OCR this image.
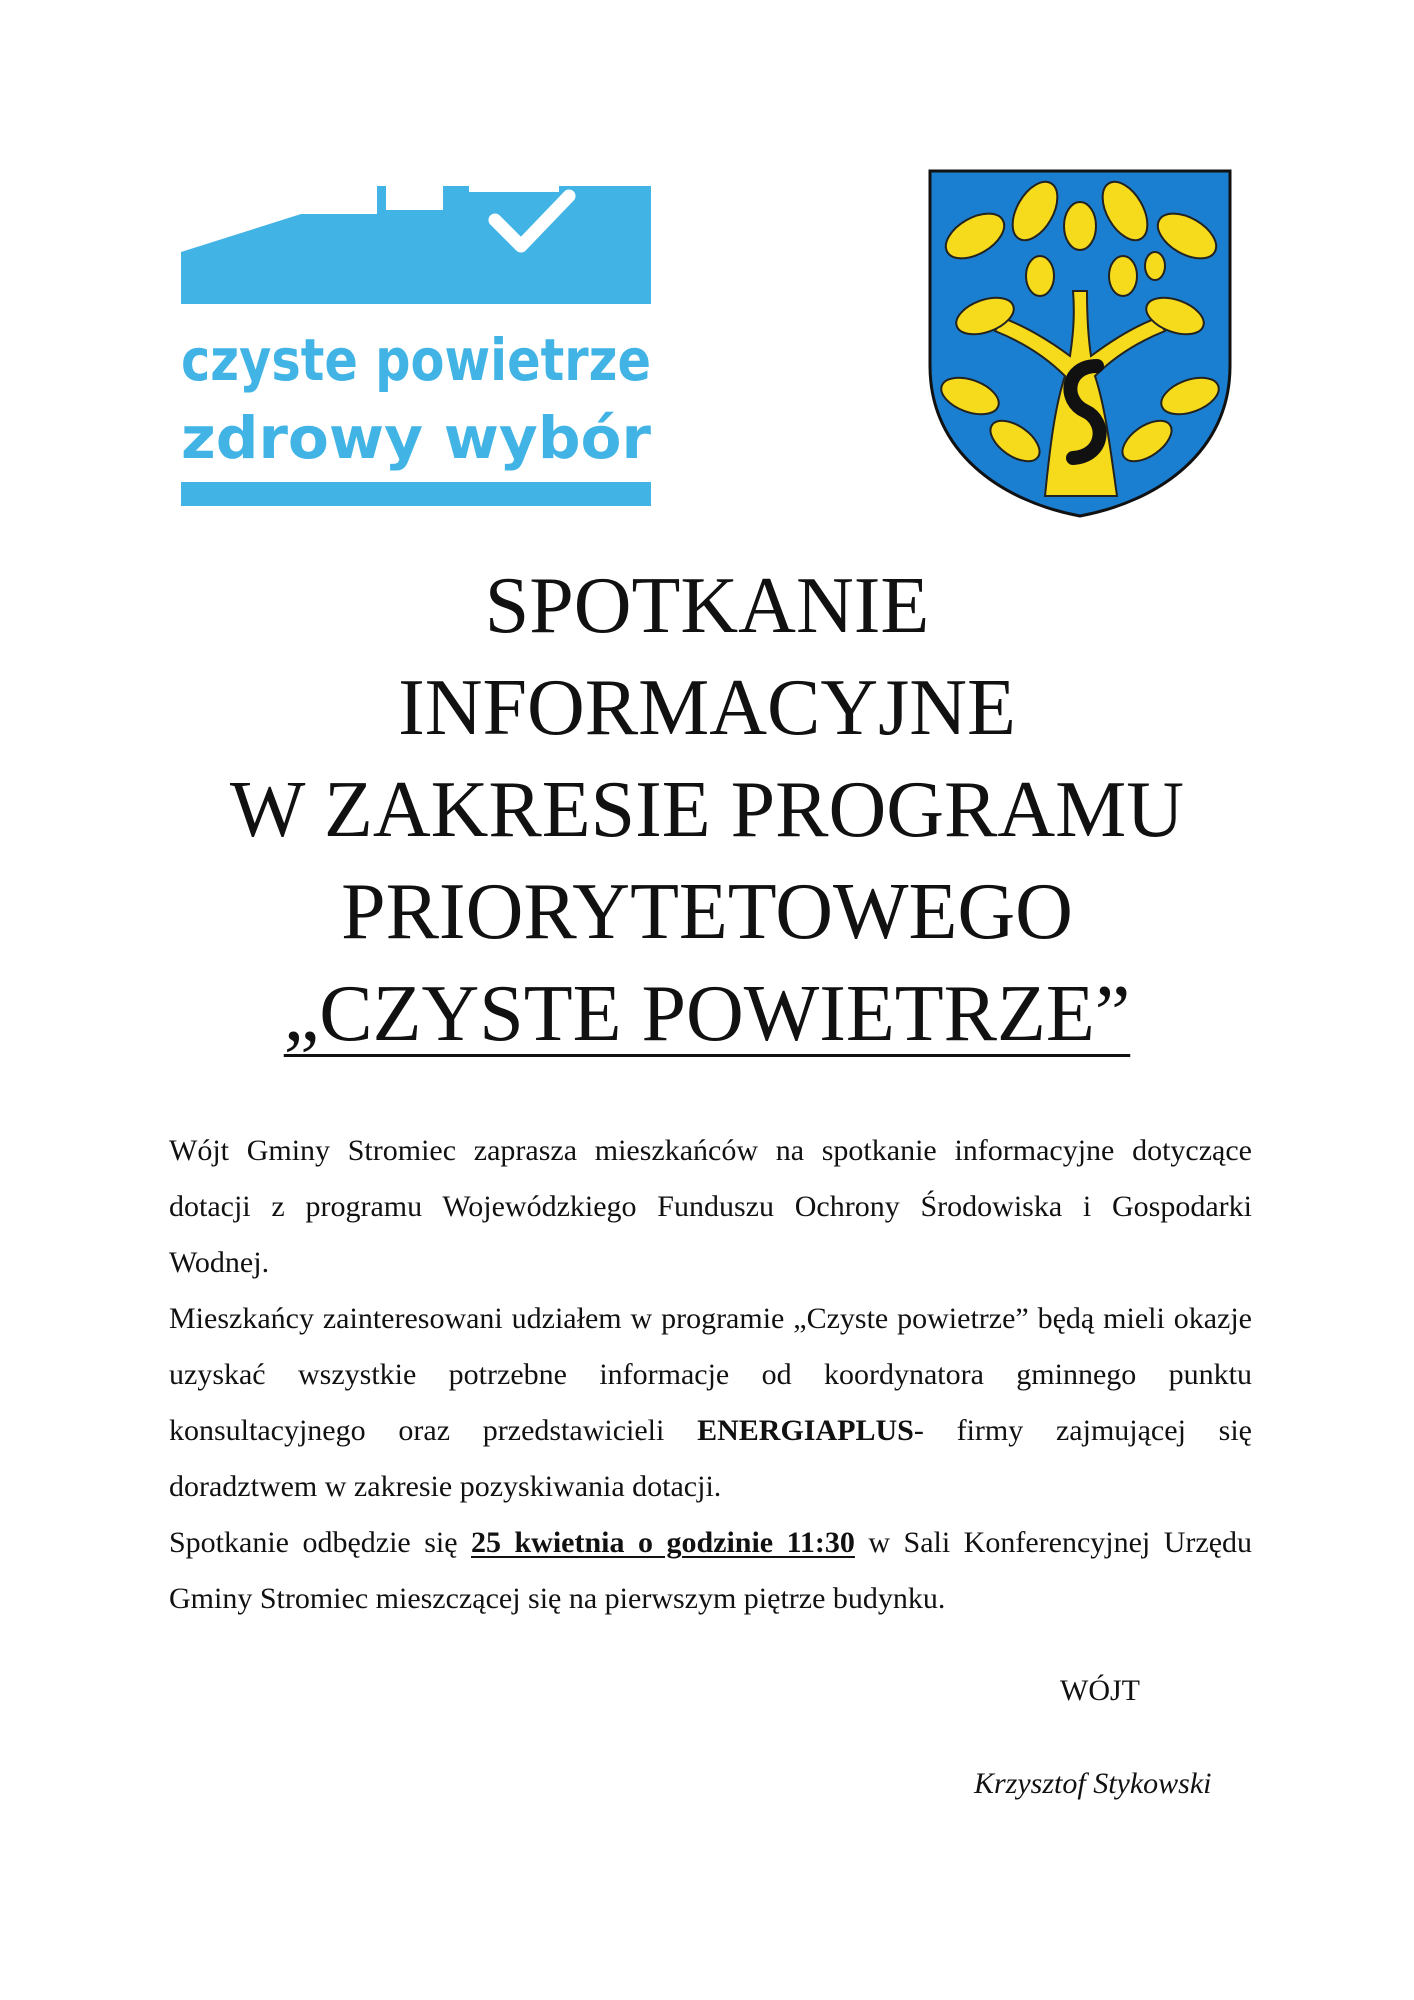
czyste powietrze
zdrowy wybór
SPOTKANIE
INFORMACYJNE
W ZAKRESIE PROGRAMU
PRIORYTETOWEGO
„CZYSTE POWIETRZE”

Wójt Gminy Stromiec zaprasza mieszkańców na spotkanie informacyjne dotyczące dotacji z programu Wojewódzkiego Funduszu Ochrony Środowiska i Gospodarki Wodnej.

Mieszkańcy zainteresowani udziałem w programie „Czyste powietrze” będą mieli okazje uzyskać wszystkie potrzebne informacje od koordynatora gminnego punktu konsultacyjnego oraz przedstawicieli ENERGIAPLUS- firmy zajmującej się doradztwem w zakresie pozyskiwania dotacji.

Spotkanie odbędzie się 25 kwietnia o godzinie 11:30 w Sali Konferencyjnej Urzędu Gminy Stromiec mieszczącej się na pierwszym piętrze budynku.

WÓJT
Krzysztof Stykowski
